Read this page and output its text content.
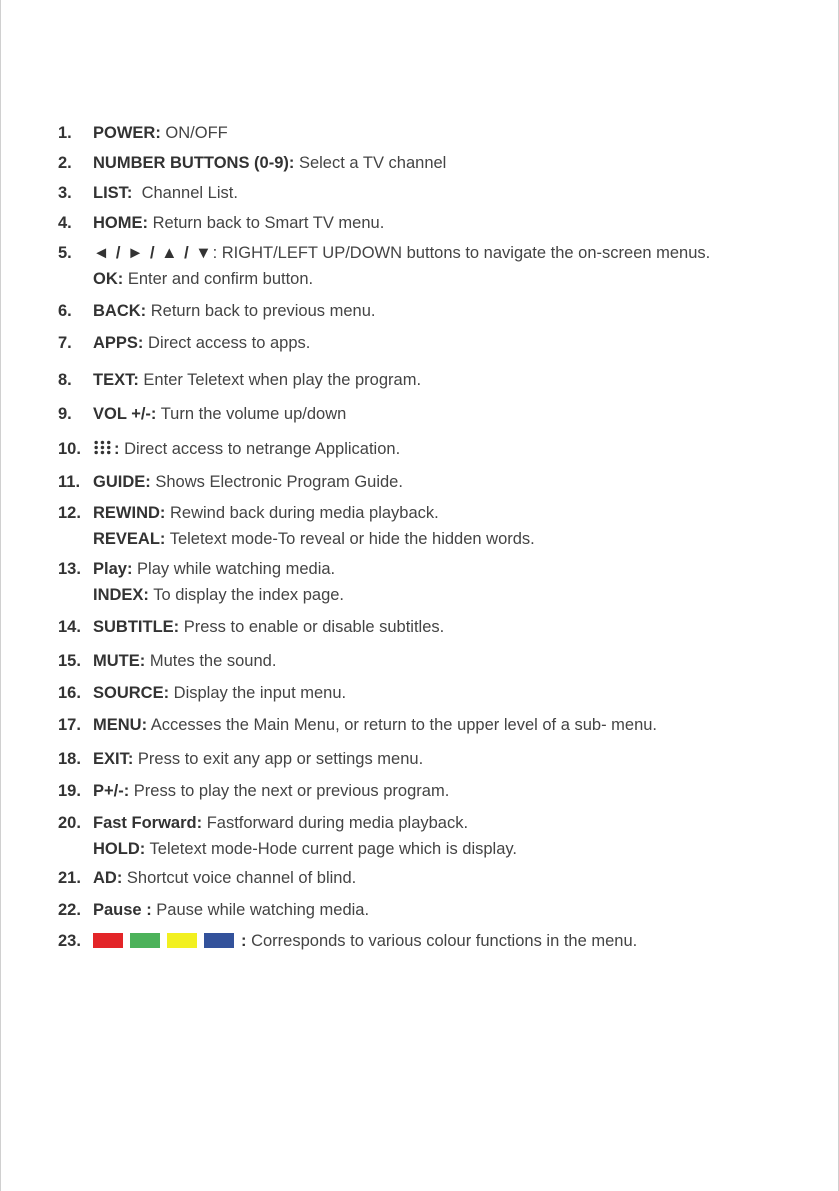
1.	POWER: ON/OFF
2.	NUMBER BUTTONS (0-9): Select a TV channel
3.	LIST:  Channel List.
4.	HOME: Return back to Smart TV menu.
5.	◄ / ► / ▲ / ▼: RIGHT/LEFT UP/DOWN buttons to navigate the on-screen menus.
OK: Enter and confirm button.
6.	BACK: Return back to previous menu.
7.	APPS: Direct access to apps.
8.	TEXT: Enter Teletext when play the program.
9.	VOL +/-: Turn the volume up/down
10.	: Direct access to netrange Application.
11. GUIDE: Shows Electronic Program Guide.
12. REWIND: Rewind back during media playback.
REVEAL: Teletext mode-To reveal or hide the hidden words.
13. Play: Play while watching media.
INDEX: To display the index page.
14. SUBTITLE: Press to enable or disable subtitles.
15. MUTE: Mutes the sound.
16. SOURCE: Display the input menu.
17. MENU: Accesses the Main Menu, or return to the upper level of a sub- menu.
18. EXIT: Press to exit any app or settings menu.
19. P+/-: Press to play the next or previous program.
20. Fast Forward: Fastforward during media playback.
HOLD: Teletext mode-Hode current page which is display.
21. AD: Shortcut voice channel of blind.
22. Pause : Pause while watching media.
23.	: Corresponds to various colour functions in the menu.
